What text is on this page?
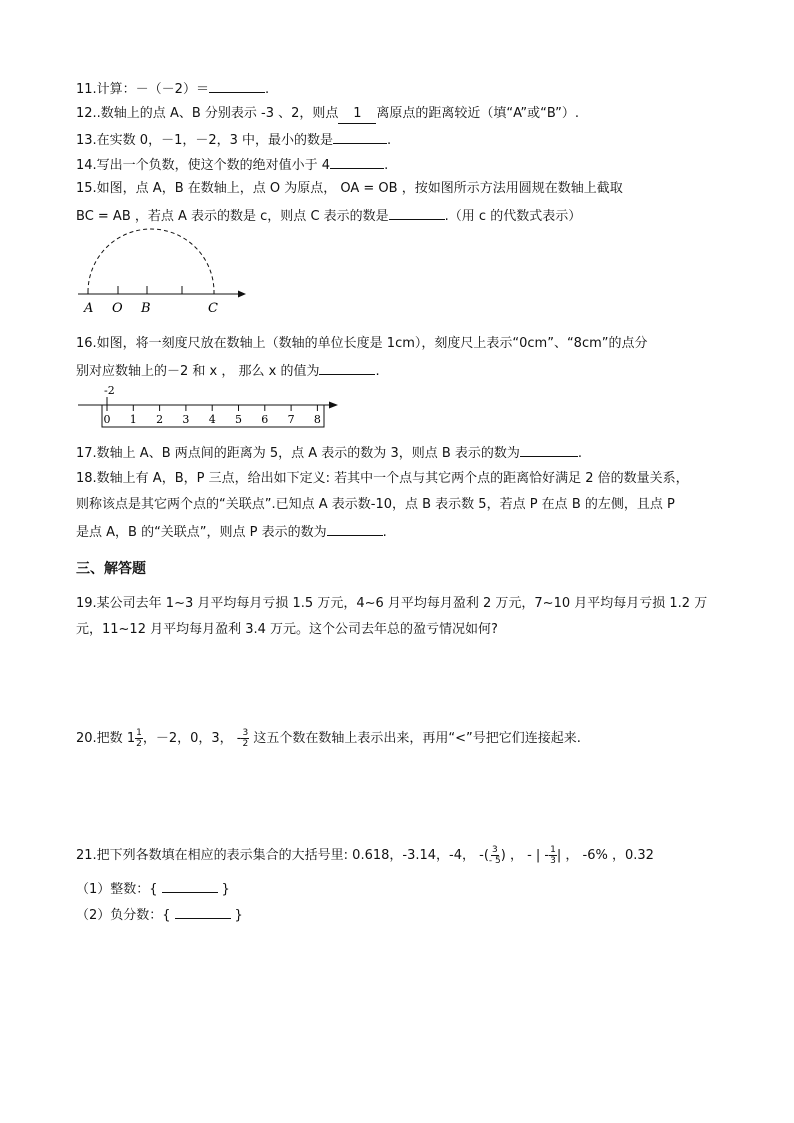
11.计算：－（－2）＝	.
12..数轴上的点 A、B 分别表示 -3 、2，则点 1 离原点的距离较近（填“A”或“B”）.
13.在实数 0，－1，－2，3 中，最小的数是	.
14.写出一个负数，使这个数的绝对值小于 4	.
15.如图，点 A，B 在数轴上，点 O 为原点， OA = OB ，按如图所示方法用圆规在数轴上截取
BC = AB ，若点 A 表示的数是 c，则点 C 表示的数是	.（用 c 的代数式表示）
A O B	C
16.如图，将一刻度尺放在数轴上（数轴的单位长度是 1cm），刻度尺上表示“0cm”、“8cm”的点分
别对应数轴上的－2 和 x ， 那么 x 的值为	.
-2
0 1 2 3 4 5 6 7 8
17.数轴上 A、B 两点间的距离为 5，点 A 表示的数为 3，则点 B 表示的数为	.
18.数轴上有 A，B，P 三点，给出如下定义: 若其中一个点与其它两个点的距离恰好满足 2 倍的数量关系，
则称该点是其它两个点的“关联点”.已知点 A 表示数-10，点 B 表示数 5，若点 P 在点 B 的左侧，且点 P
是点 A，B 的“关联点”，则点 P 表示的数为	.
三、解答题
19.某公司去年 1~3 月平均每月亏损 1.5 万元，4~6 月平均每月盈利 2 万元，7~10 月平均每月亏损 1.2 万
元，11~12 月平均每月盈利 3.4 万元。这个公司去年总的盈亏情况如何?
20.把数 $1 \frac{1}{2}$ ，－2，0，3， - $\frac{3}{2}$ 这五个数在数轴上表示出来，再用“<”号把它们连接起来.
21.把下列各数填在相应的表示集合的大括号里: 0.618，-3.14，-4， -( $\frac{3}{- 5}$ ) ， - | - $\frac{1}{3}$ | ， -6% ，0.32
（1）整数：{	}
（2）负分数：{	}
